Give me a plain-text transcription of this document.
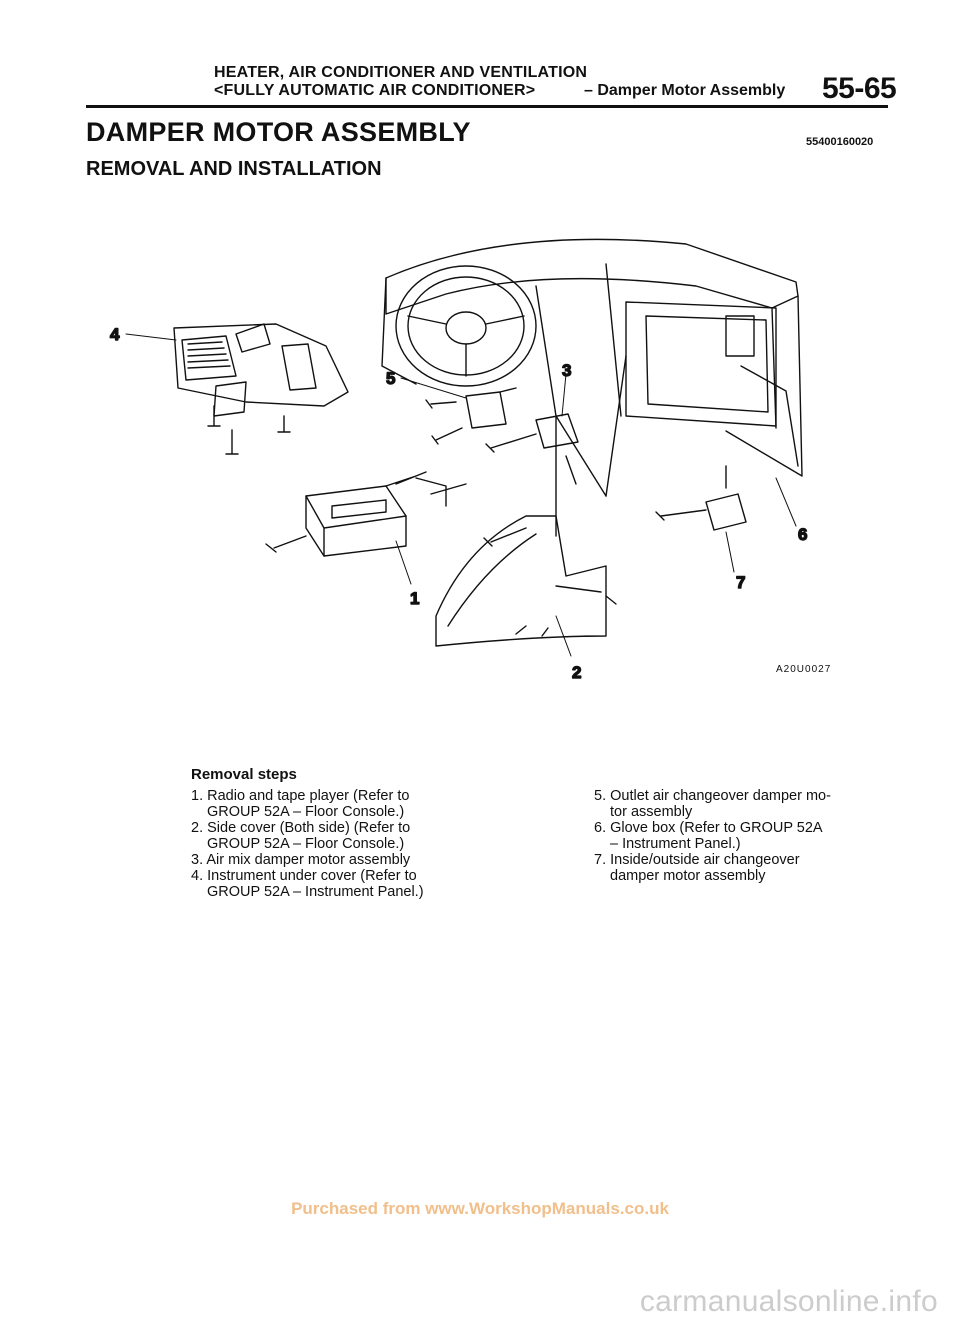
HEATER, AIR CONDITIONER AND VENTILATION
<FULLY AUTOMATIC AIR CONDITIONER>	– Damper Motor Assembly 55-65
DAMPER MOTOR ASSEMBLY
REMOVAL AND INSTALLATION
55400160020
4
5	3
1
2
6
7
A20U0027
Removal steps
1. Radio and tape player (Refer to
GROUP 52A – Floor Console.)
2. Side cover (Both side) (Refer to
GROUP 52A – Floor Console.)
3. Air mix damper motor assembly
4. Instrument under cover (Refer to
GROUP 52A – Instrument Panel.)
5. Outlet air changeover damper mo-
tor assembly
6. Glove box (Refer to GROUP 52A
– Instrument Panel.)
7. Inside/outside air changeover
damper motor assembly
Purchased from www.WorkshopManuals.co.uk
carmanualsonline.info
